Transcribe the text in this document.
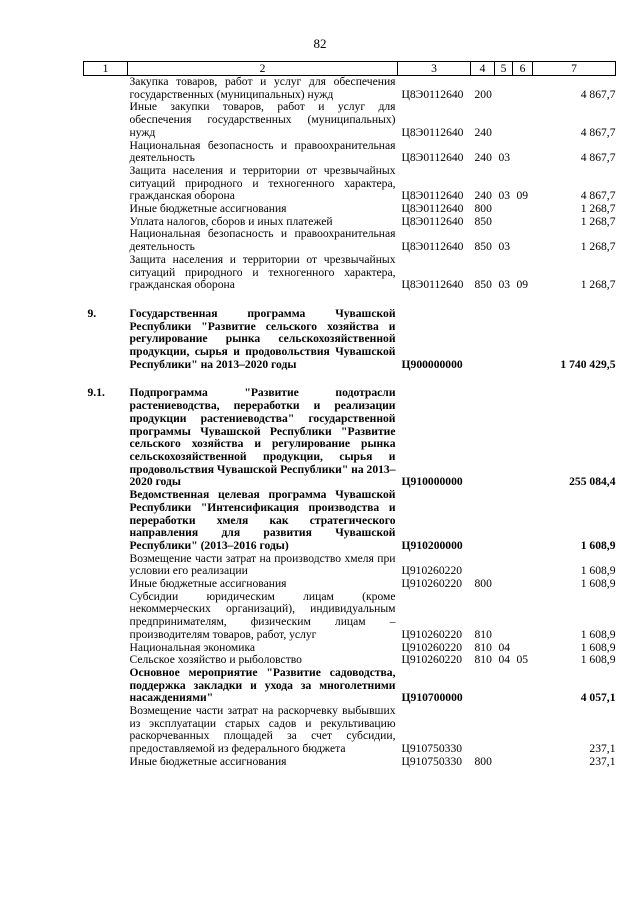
82
1	2	3	4	5	6	7
	Закупка товаров, работ и услуг для обеспечения государственных (муниципальных) нужд	Ц8Э0112640	200			4 867,7
	Иные закупки товаров, работ и услуг для обеспечения государственных (муниципальных) нужд	Ц8Э0112640	240			4 867,7
	Национальная безопасность и правоохранительная деятельность	Ц8Э0112640	240	03		4 867,7
	Защита населения и территории от чрезвычайных ситуаций природного и техногенного характера, гражданская оборона	Ц8Э0112640	240	03	09	4 867,7
	Иные бюджетные ассигнования	Ц8Э0112640	800			1 268,7
	Уплата налогов, сборов и иных платежей	Ц8Э0112640	850			1 268,7
	Национальная безопасность и правоохранительная деятельность	Ц8Э0112640	850	03		1 268,7
	Защита населения и территории от чрезвычайных ситуаций природного и техногенного характера, гражданская оборона	Ц8Э0112640	850	03	09	1 268,7

9.	Государственная программа Чувашской Республики "Развитие сельского хозяйства и регулирование рынка сельскохозяйственной продукции, сырья и продовольствия Чувашской Республики" на 2013–2020 годы	Ц900000000				1 740 429,5

9.1.	Подпрограмма "Развитие подотрасли растениеводства, переработки и реализации продукции растениеводства" государственной программы Чувашской Республики "Развитие сельского хозяйства и регулирование рынка сельскохозяйственной продукции, сырья и продовольствия Чувашской Республики" на 2013–2020 годы	Ц910000000				255 084,4
	Ведомственная целевая программа Чувашской Республики "Интенсификация производства и переработки хмеля как стратегического направления для развития Чувашской Республики" (2013–2016 годы)	Ц910200000				1 608,9
	Возмещение части затрат на производство хмеля при условии его реализации	Ц910260220				1 608,9
	Иные бюджетные ассигнования	Ц910260220	800			1 608,9
	Субсидии юридическим лицам (кроме некоммерческих организаций), индивидуальным предпринимателям, физическим лицам – производителям товаров, работ, услуг	Ц910260220	810			1 608,9
	Национальная экономика	Ц910260220	810	04		1 608,9
	Сельское хозяйство и рыболовство	Ц910260220	810	04	05	1 608,9
	Основное мероприятие "Развитие садоводства, поддержка закладки и ухода за многолетними насаждениями"	Ц910700000				4 057,1
	Возмещение части затрат на раскорчевку выбывших из эксплуатации старых садов и рекультивацию раскорчеванных площадей за счет субсидии, предоставляемой из федерального бюджета	Ц910750330				237,1
	Иные бюджетные ассигнования	Ц910750330	800			237,1
